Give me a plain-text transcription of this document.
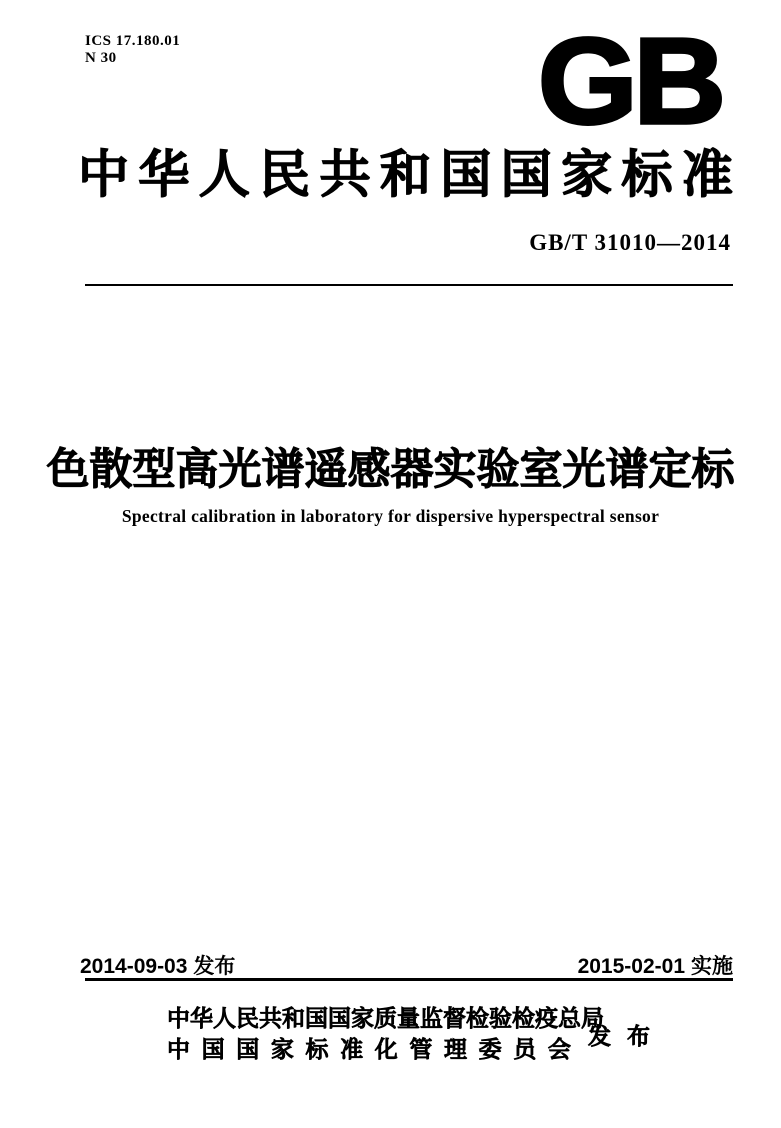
ICS 17.180.01
N 30	GB
中 华 人 民 共 和 国 国 家 标 准
GB/T 31010—2014
色散型高光谱遥感器实验室光谱定标
Spectral calibration in laboratory for dispersive hyperspectral sensor
2014-09-03 发布	2015-02-01 实施
中 华 人 民 共 和 国 国 家 质 量 监 督 检 验 检 疫 总 局
中 国 国 家 标 准 化 管 理 委 员 会
发 布
